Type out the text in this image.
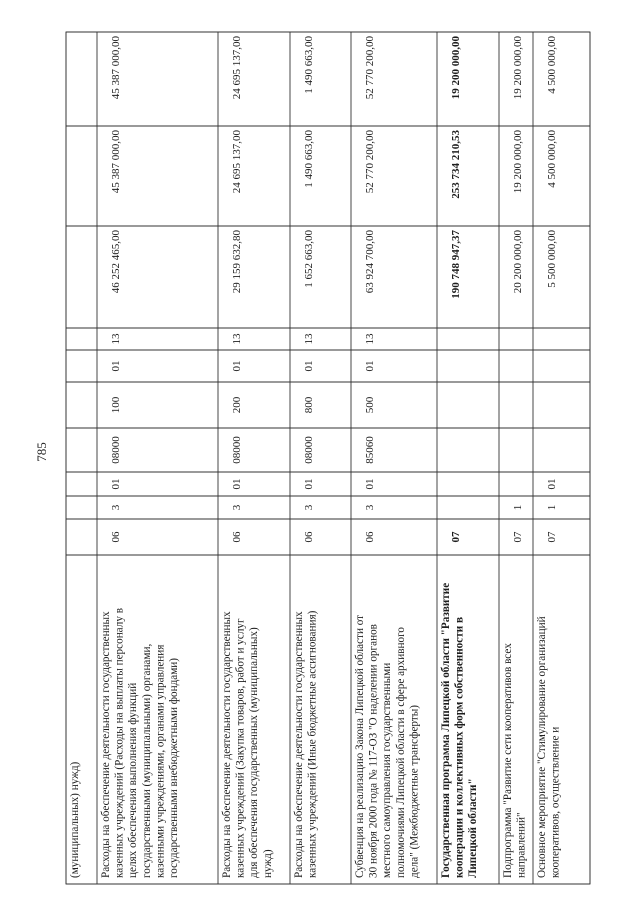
785
(муниципальных) нужд) Расходы на обеспечение деятельности государственных казенных учреждений (Расходы на выплаты персоналу в целях обеспечения выполнения функций государственными (муниципальными) органами, казенными учреждениями, органами управления государственными внебюджетными фондами)
06
3
01
08000
100
01
13
46 252 465,00
45 387 000,00
45 387 000,00
Расходы на обеспечение деятельности государственных казенных учреждений (Закупка товаров, работ и услуг для обеспечения государственных (муниципальных) нужд)
06
3
01
08000
200
01
13
29 159 632,80
24 695 137,00
24 695 137,00
Расходы на обеспечение деятельности государственных казенных учреждений (Иные бюджетные ассигнования)
06
3
01
08000
800
01
13
1 652 663,00
1 490 663,00
1 490 663,00
Субвенция на реализацию Закона Липецкой области от 30 ноября 2000 года № 117-ОЗ "О наделении органов местного самоуправления государственными полномочиями Липецкой области в сфере архивного дела" (Межбюджетные трансферты)
06
3
01
85060
500
01
13
63 924 700,00
52 770 200,00
52 770 200,00
Государственная программа Липецкой области "Развитие кооперации и коллективных форм собственности в Липецкой области"
07
190 748 947,37
253 734 210,53
19 200 000,00
Подпрограмма "Развитие сети кооперативов всех направлений"
07
1
20 200 000,00
19 200 000,00
19 200 000,00
Основное мероприятие "Стимулирование организаций кооперативов, осуществление и
07
1
01
5 500 000,00
4 500 000,00
4 500 000,00
